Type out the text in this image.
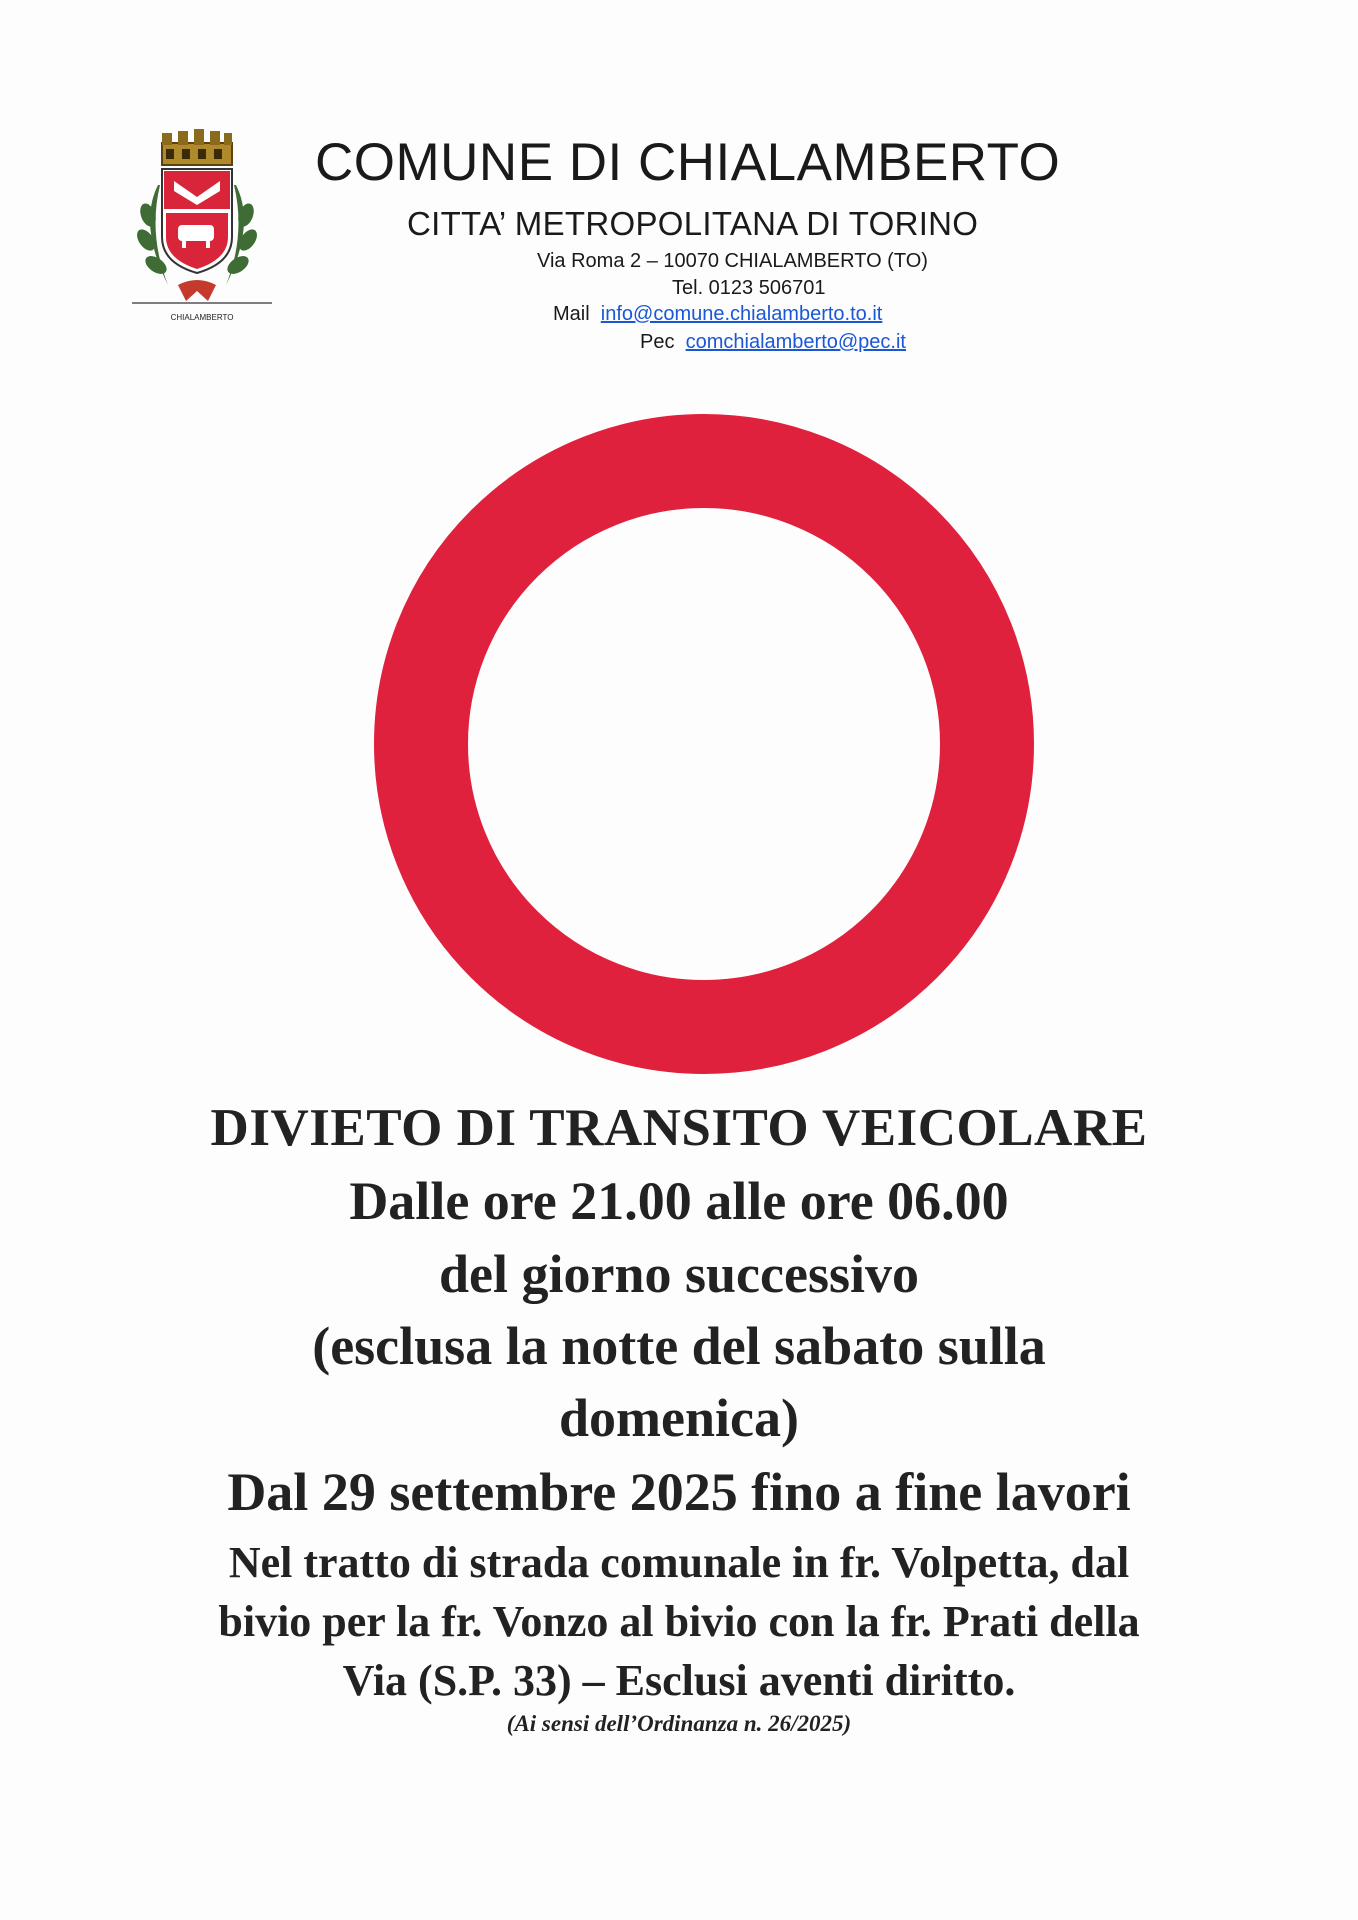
CHIALAMBERTO
COMUNE DI CHIALAMBERTO
CITTA’ METROPOLITANA DI TORINO
Via Roma 2 – 10070 CHIALAMBERTO (TO)
Tel. 0123 506701
Mail info@comune.chialamberto.to.it
Pec comchialamberto@pec.it
DIVIETO DI TRANSITO VEICOLARE
Dalle ore 21.00 alle ore 06.00
del giorno successivo
(esclusa la notte del sabato sulla
domenica)
Dal 29 settembre 2025 fino a fine lavori
Nel tratto di strada comunale in fr. Volpetta, dal
bivio per la fr. Vonzo al bivio con la fr. Prati della
Via (S.P. 33) – Esclusi aventi diritto.
(Ai sensi dell’Ordinanza n. 26/2025)
